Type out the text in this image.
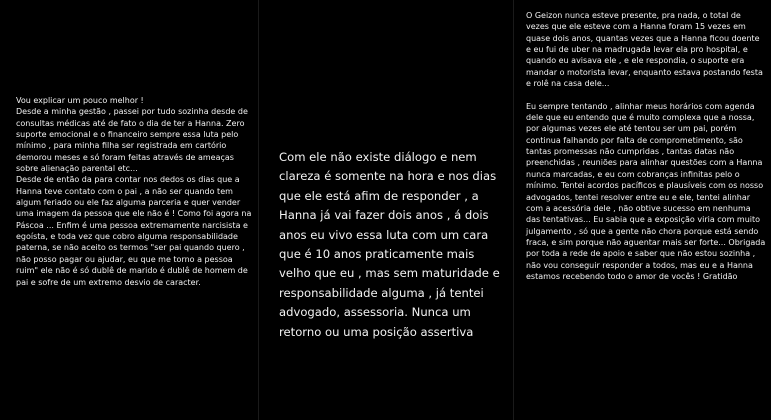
Vou explicar um pouco melhor !
Desde a minha gestão , passei por tudo sozinha desde de consultas médicas até de fato o dia de ter a Hanna. Zero suporte emocional e o financeiro sempre essa luta pelo mínimo , para minha filha ser registrada em cartório demorou meses e só foram feitas através de ameaças sobre alienação parental etc...

Desde de então da para contar nos dedos os dias que a Hanna teve contato com o pai , a não ser quando tem algum feriado ou ele faz alguma parceria e quer vender uma imagem da pessoa que ele não é ! Como foi agora na Páscoa ... Enfim é uma pessoa extremamente narcisista e egoísta, e toda vez que cobro alguma responsabilidade paterna, se não aceito os termos "ser pai quando quero , não posso pagar ou ajudar, eu que me torno a pessoa ruim" ele não é só dublê de marido é dublê de homem de pai e sofre de um extremo desvio de caracter.

Com ele não existe diálogo e nem clareza é somente na hora e nos dias que ele está afim de responder , a Hanna já vai fazer dois anos , á dois anos eu vivo essa luta com um cara que é 10 anos praticamente mais velho que eu , mas sem maturidade e responsabilidade alguma , já tentei advogado, assessoria. Nunca um retorno ou uma posição assertiva

O Geizon nunca esteve presente, pra nada, o total de vezes que ele esteve com a Hanna foram 15 vezes em quase dois anos, quantas vezes que a Hanna ficou doente e eu fui de uber na madrugada levar ela pro hospital, e quando eu avisava ele , e ele respondia, o suporte era mandar o motorista levar, enquanto estava postando festa e rolê na casa dele...

Eu sempre tentando , alinhar meus horários com agenda dele que eu entendo que é muito complexa que a nossa, por algumas vezes ele até tentou ser um pai, porém continua falhando por falta de comprometimento, são tantas promessas não cumpridas , tantas datas não preenchidas , reuniões para alinhar questões com a Hanna nunca marcadas, e eu com cobranças infinitas pelo o mínimo. Tentei acordos pacíficos e plausíveis com os nosso advogados, tentei resolver entre eu e ele, tentei alinhar com a acessória dele , não obtive sucesso em nenhuma das tentativas... Eu sabia que a exposição viria com muito julgamento , só que a gente não chora porque está sendo fraca, e sim porque não aguentar mais ser forte... Obrigada por toda a rede de apoio e saber que não estou sozinha , não vou conseguir responder a todos, mas eu e a Hanna estamos recebendo todo o amor de vocês ! Gratidão
